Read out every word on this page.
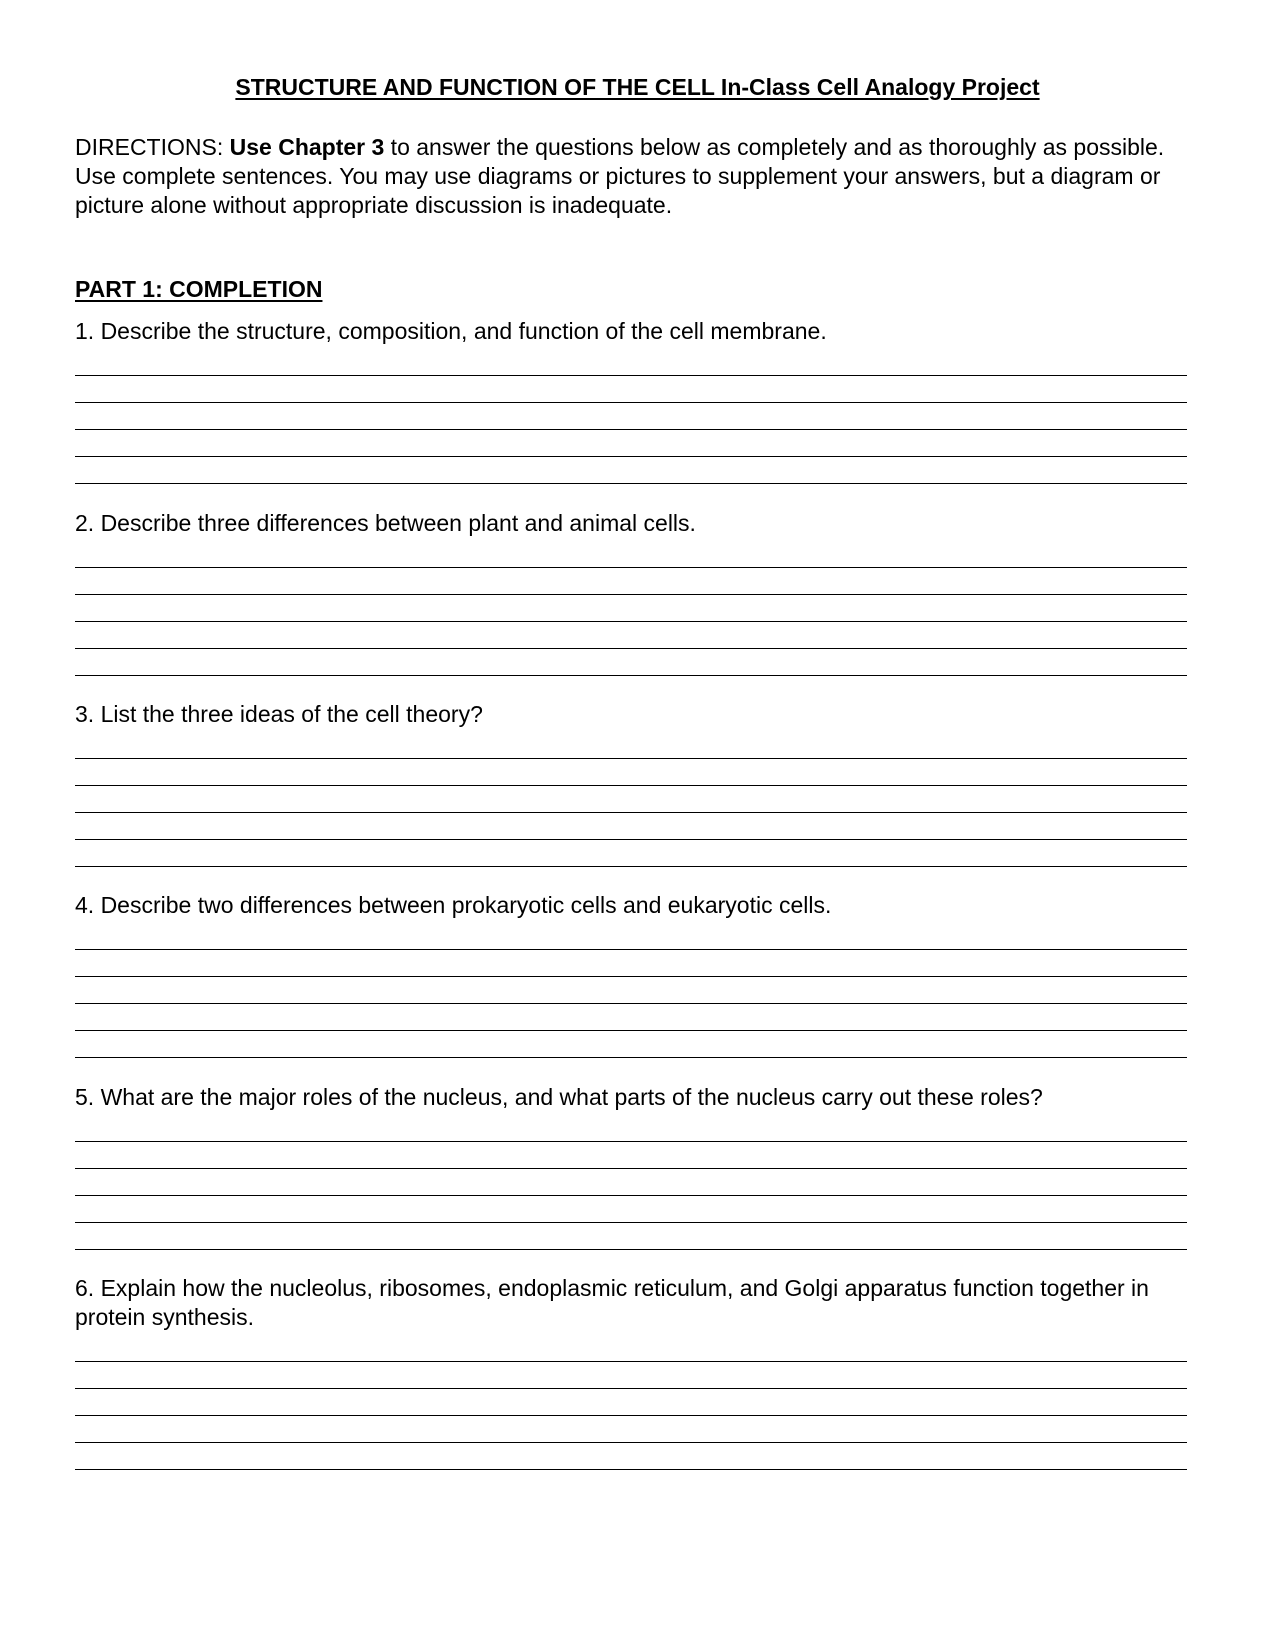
STRUCTURE AND FUNCTION OF THE CELL In-Class Cell Analogy Project
DIRECTIONS: Use Chapter 3 to answer the questions below as completely and as thoroughly as possible. Use complete sentences. You may use diagrams or pictures to supplement your answers, but a diagram or picture alone without appropriate discussion is inadequate.
PART 1: COMPLETION
1. Describe the structure, composition, and function of the cell membrane.
2. Describe three differences between plant and animal cells.
3. List the three ideas of the cell theory?
4. Describe two differences between prokaryotic cells and eukaryotic cells.
5. What are the major roles of the nucleus, and what parts of the nucleus carry out these roles?
6. Explain how the nucleolus, ribosomes, endoplasmic reticulum, and Golgi apparatus function together in protein synthesis.
